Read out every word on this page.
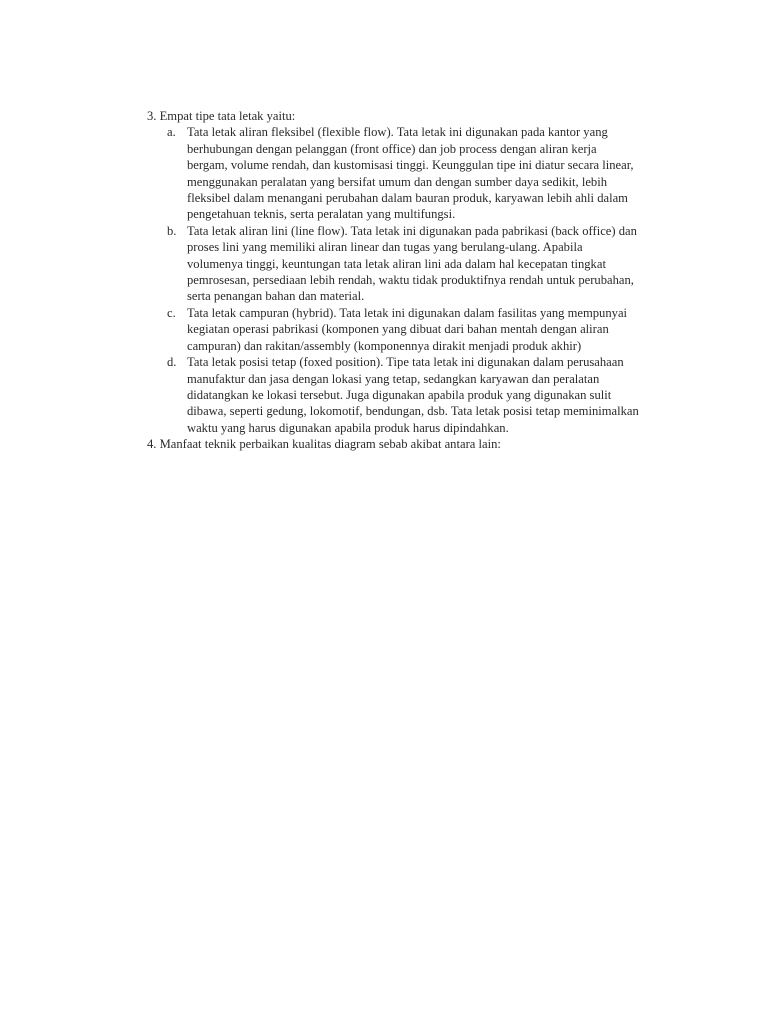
3. Empat tipe tata letak yaitu:

a. Tata letak aliran fleksibel (flexible flow). Tata letak ini digunakan pada kantor yang
berhubungan dengan pelanggan (front office) dan job process dengan aliran kerja
bergam, volume rendah, dan kustomisasi tinggi. Keunggulan tipe ini diatur secara linear,
menggunakan peralatan yang bersifat umum dan dengan sumber daya sedikit, lebih
fleksibel dalam menangani perubahan dalam bauran produk, karyawan lebih ahli dalam
pengetahuan teknis, serta peralatan yang multifungsi.
b. Tata letak aliran lini (line flow). Tata letak ini digunakan pada pabrikasi (back office) dan
proses lini yang memiliki aliran linear dan tugas yang berulang-ulang. Apabila
volumenya tinggi, keuntungan tata letak aliran lini ada dalam hal kecepatan tingkat
pemrosesan, persediaan lebih rendah, waktu tidak produktifnya rendah untuk perubahan,
serta penangan bahan dan material.
c. Tata letak campuran (hybrid). Tata letak ini digunakan dalam fasilitas yang mempunyai
kegiatan operasi pabrikasi (komponen yang dibuat dari bahan mentah dengan aliran
campuran) dan rakitan/assembly (komponennya dirakit menjadi produk akhir)
d. Tata letak posisi tetap (foxed position). Tipe tata letak ini digunakan dalam perusahaan
manufaktur dan jasa dengan lokasi yang tetap, sedangkan karyawan dan peralatan
didatangkan ke lokasi tersebut. Juga digunakan apabila produk yang digunakan sulit
dibawa, seperti gedung, lokomotif, bendungan, dsb. Tata letak posisi tetap meminimalkan
waktu yang harus digunakan apabila produk harus dipindahkan.

4. Manfaat teknik perbaikan kualitas diagram sebab akibat antara lain:
